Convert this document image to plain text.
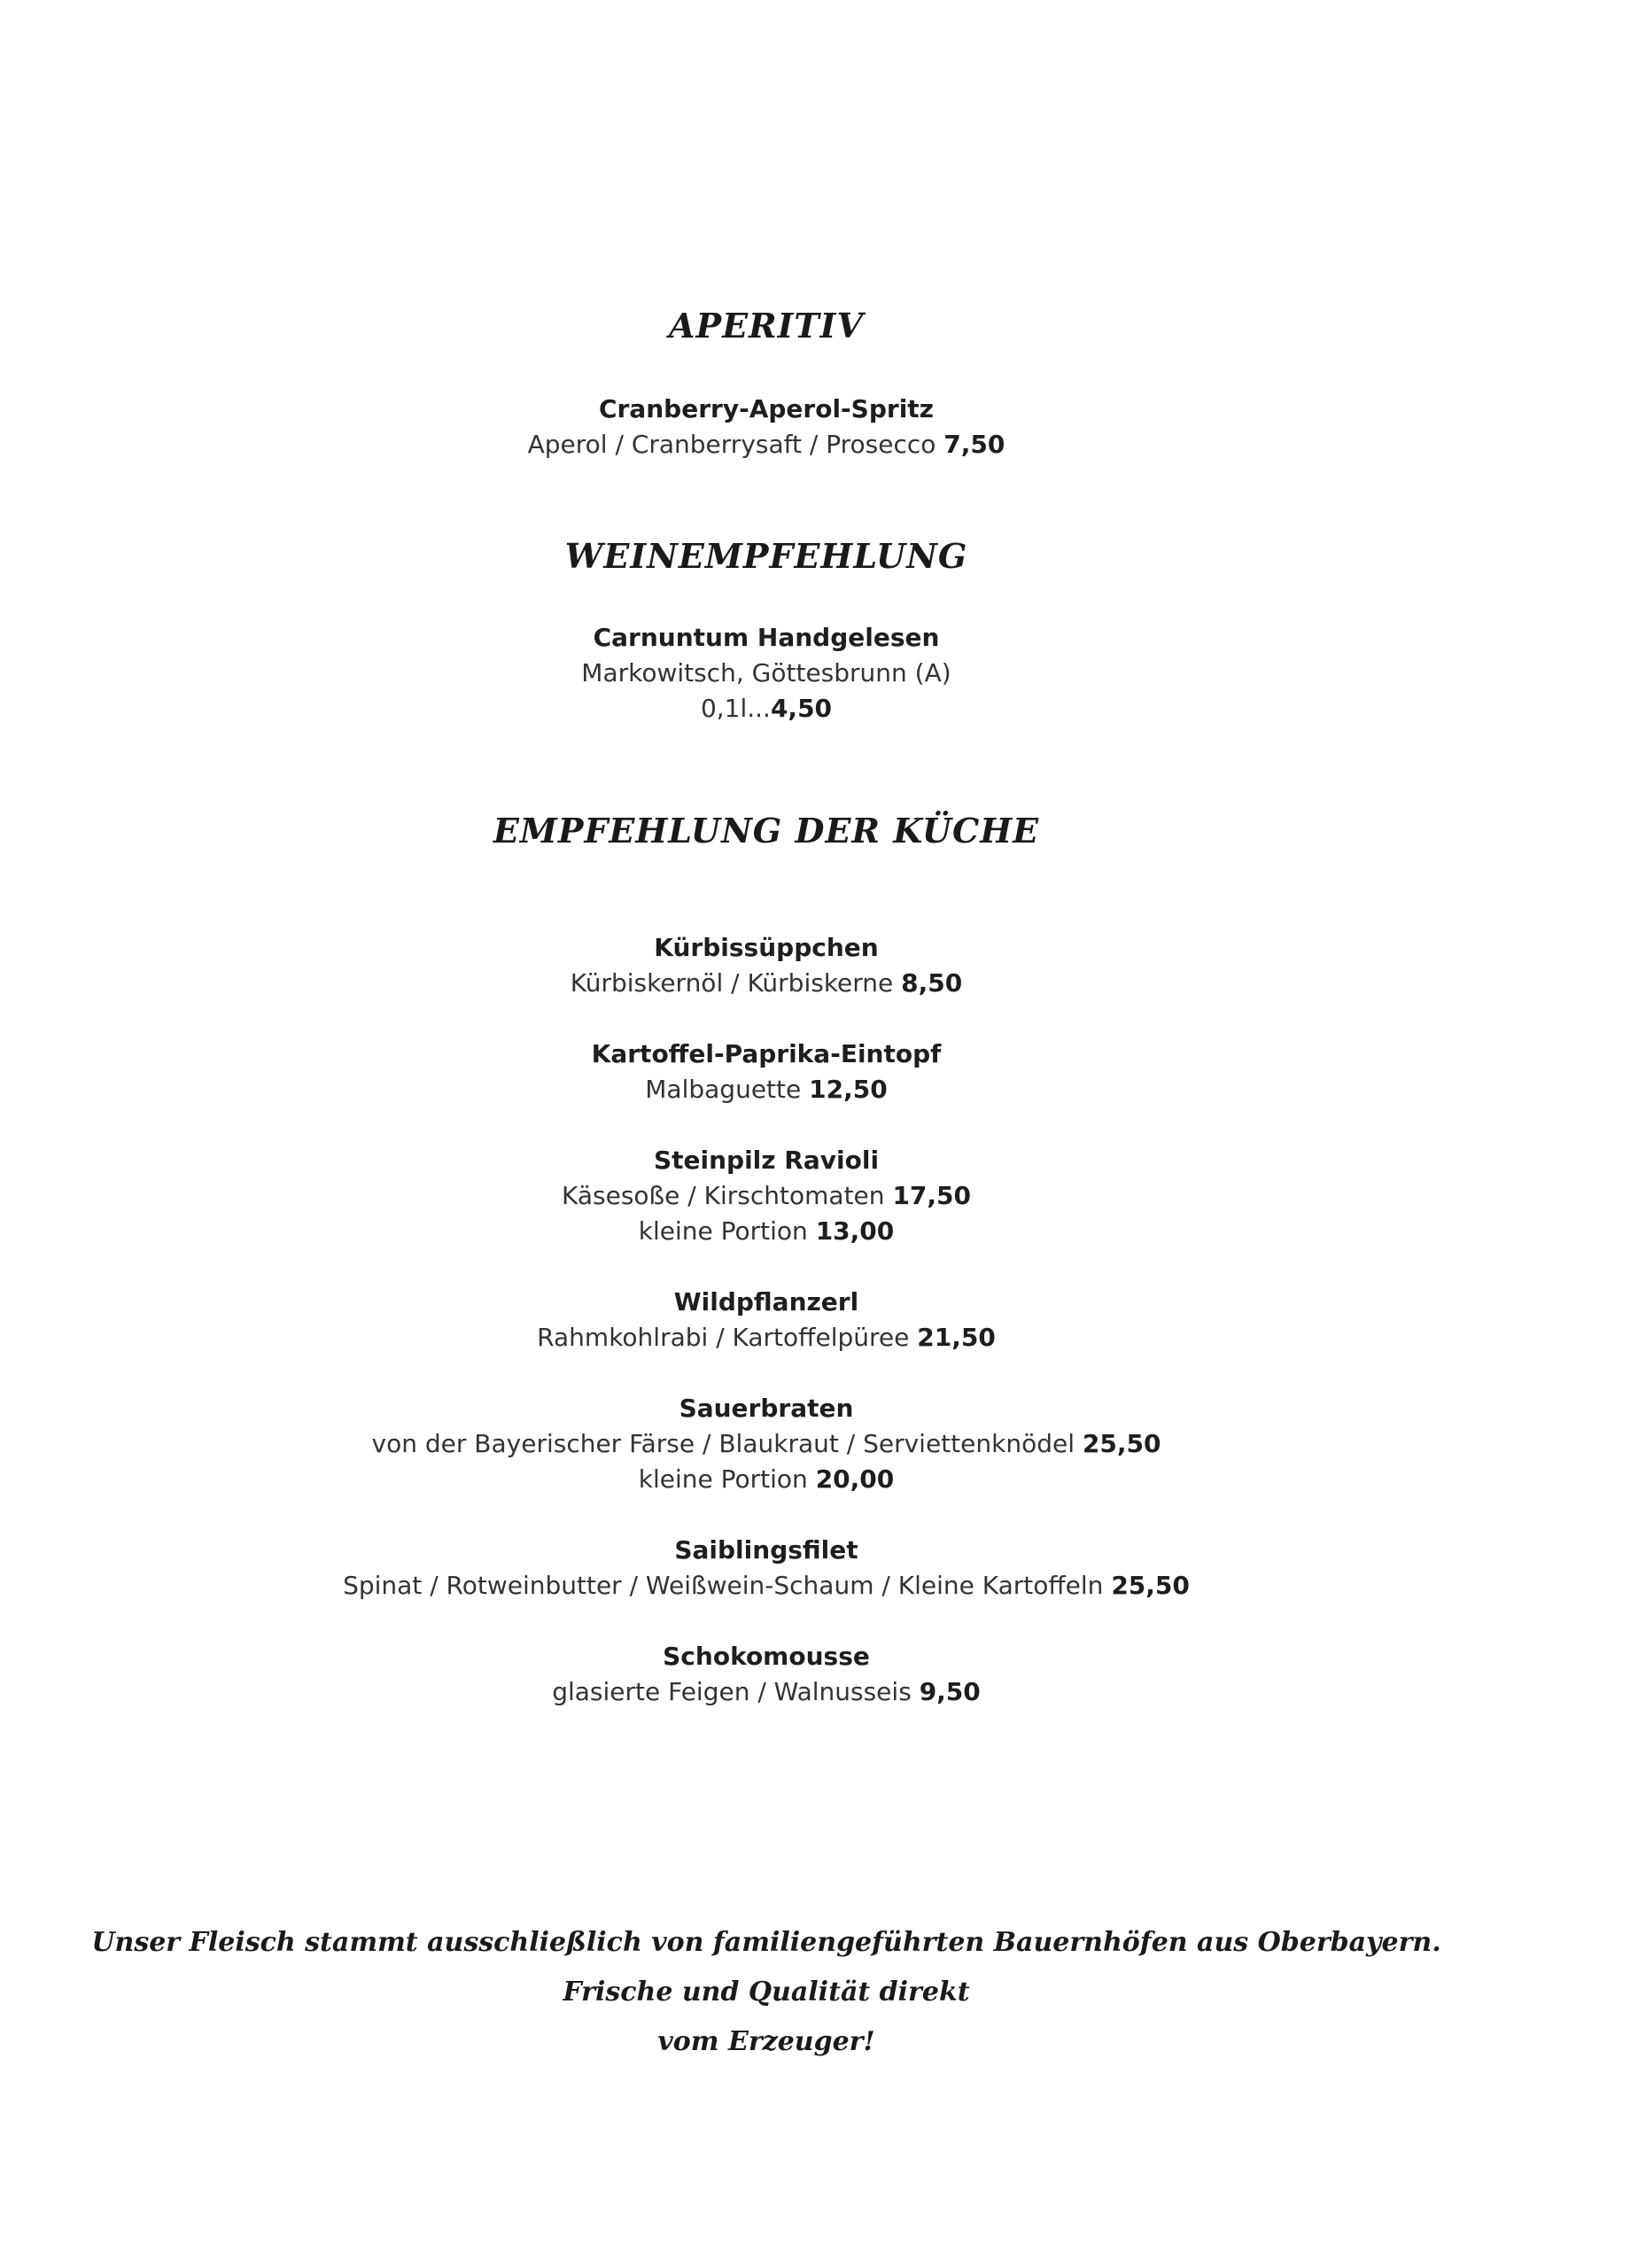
APERITIV
Cranberry-Aperol-Spritz
Aperol / Cranberrysaft / Prosecco 7,50
WEINEMPFEHLUNG
Carnuntum Handgelesen
Markowitsch, Göttesbrunn (A)
0,1l...4,50
EMPFEHLUNG DER KÜCHE
Kürbissüppchen
Kürbiskernöl / Kürbiskerne 8,50
Kartoffel-Paprika-Eintopf
Malbaguette 12,50
Steinpilz Ravioli
Käsesoße / Kirschtomaten 17,50
kleine Portion 13,00
Wildpflanzerl
Rahmkohlrabi / Kartoffelpüree 21,50
Sauerbraten
von der Bayerischer Färse / Blaukraut / Serviettenknödel 25,50
kleine Portion 20,00
Saiblingsfilet
Spinat / Rotweinbutter / Weißwein-Schaum / Kleine Kartoffeln 25,50
Schokomousse
glasierte Feigen / Walnusseis 9,50
Unser Fleisch stammt ausschließlich von familiengeführten Bauernhöfen aus Oberbayern. Frische und Qualität direkt
vom Erzeuger!
